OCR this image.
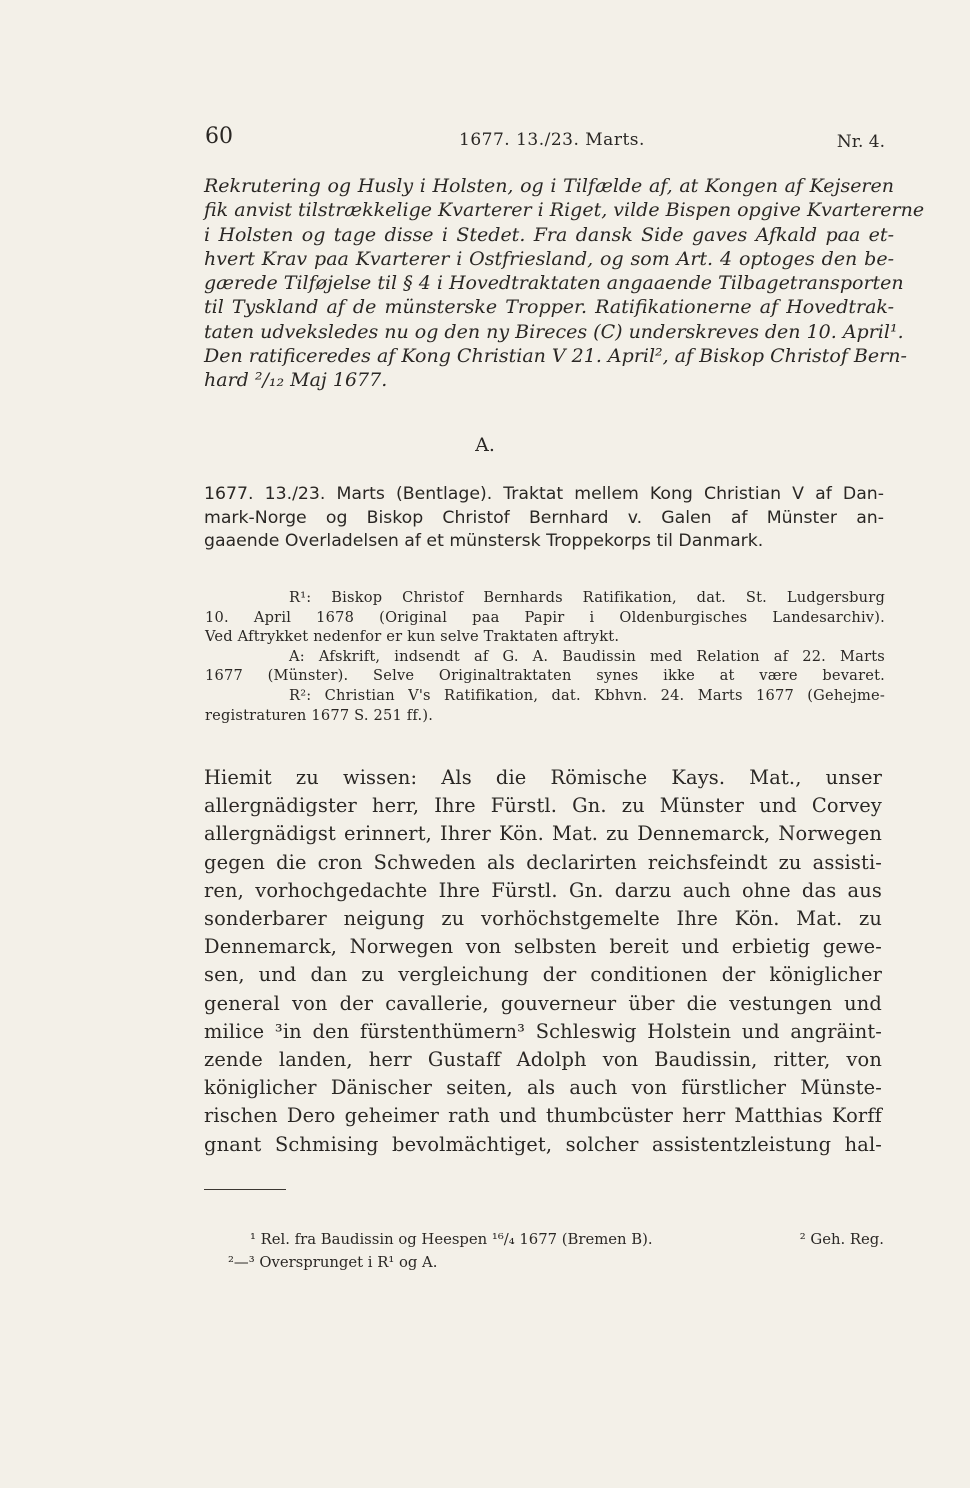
60	1677. 13./23. Marts.	Nr. 4.

Rekrutering og Husly i Holsten, og i Tilfælde af, at Kongen af Kejseren
fik anvist tilstrækkelige Kvarterer i Riget, vilde Bispen opgive Kvartererne
i Holsten og tage disse i Stedet. Fra dansk Side gaves Afkald paa et-
hvert Krav paa Kvarterer i Ostfriesland, og som Art. 4 optoges den be-
gærede Tilføjelse til § 4 i Hovedtraktaten angaaende Tilbagetransporten
til Tyskland af de münsterske Tropper. Ratifikationerne af Hovedtrak-
taten udveksledes nu og den ny Bireces (C) underskreves den 10. April¹.
Den ratificeredes af Kong Christian V 21. April², af Biskop Christof Bern-
hard ²/₁₂ Maj 1677.

A.
1677. 13./23. Marts (Bentlage). Traktat mellem Kong Christian V af Dan-
mark-Norge og Biskop Christof Bernhard v. Galen af Münster an-
gaaende Overladelsen af et münstersk Troppekorps til Danmark.
R¹: Biskop Christof Bernhards Ratifikation, dat. St. Ludgersburg
10. April 1678 (Original paa Papir i Oldenburgisches Landesarchiv).
Ved Aftrykket nedenfor er kun selve Traktaten aftrykt.
A: Afskrift, indsendt af G. A. Baudissin med Relation af 22. Marts
1677 (Münster). Selve Originaltraktaten synes ikke at være bevaret.
R²: Christian V's Ratifikation, dat. Kbhvn. 24. Marts 1677 (Gehejme-
registraturen 1677 S. 251 ff.).
Hiemit zu wissen: Als die Römische Kays. Mat., unser
allergnädigster herr, Ihre Fürstl. Gn. zu Münster und Corvey
allergnädigst erinnert, Ihrer Kön. Mat. zu Dennemarck, Norwegen
gegen die cron Schweden als declarirten reichsfeindt zu assisti-
ren, vorhochgedachte Ihre Fürstl. Gn. darzu auch ohne das aus
sonderbarer neigung zu vorhöchstgemelte Ihre Kön. Mat. zu
Dennemarck, Norwegen von selbsten bereit und erbietig gewe-
sen, und dan zu vergleichung der conditionen der königlicher
general von der cavallerie, gouverneur über die vestungen und
milice ³in den fürstenthümern³ Schleswig Holstein und angräint-
zende landen, herr Gustaff Adolph von Baudissin, ritter, von
königlicher Dänischer seiten, als auch von fürstlicher Münste-
rischen Dero geheimer rath und thumbcüster herr Matthias Korff
gnant Schmising bevolmächtiget, solcher assistentzleistung hal-
¹ Rel. fra Baudissin og Heespen ¹⁶/₄ 1677 (Bremen B).	² Geh. Reg.
²—³ Oversprunget i R¹ og A.
